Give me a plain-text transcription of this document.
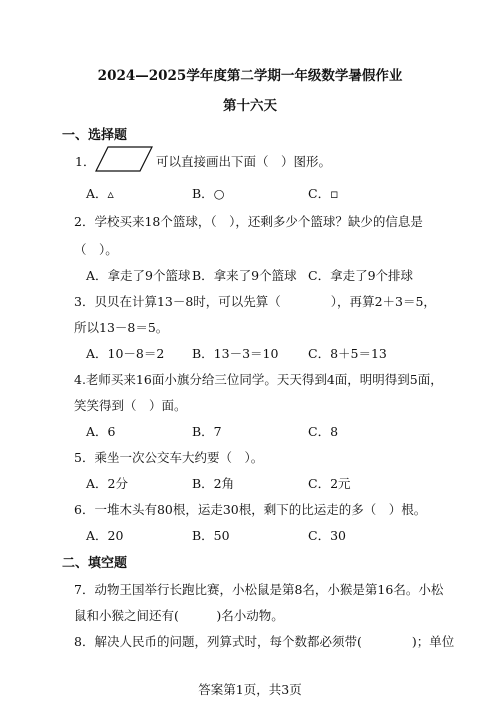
2024—2025学年度第二学期一年级数学暑假作业
第十六天
一、选择题
1．	可以直接画出下面（　）图形。
A．▵	B．○	C．▫
2．学校买来18个篮球，（　），还剩多少个篮球？缺少的信息是
（　）。
A．拿走了9个篮球 B．拿来了9个篮球 C．拿走了9个排球
3．贝贝在计算13－8时，可以先算（　　　　），再算2＋3＝5，
所以13－8＝5。
A．10－8＝2 B．13－3＝10 C．8＋5＝13
4.老师买来16面小旗分给三位同学。天天得到4面，明明得到5面，
笑笑得到（　）面。
A．6	B．7	C．8
5．乘坐一次公交车大约要（　）。
A．2分	B．2角	C．2元
6．一堆木头有80根，运走30根，剩下的比运走的多（　）根。
A．20	B．50	C．30
二、填空题
7．动物王国举行长跑比赛，小松鼠是第8名，小猴是第16名。小松
鼠和小猴之间还有(　　　)名小动物。
8．解决人民币的问题，列算式时，每个数都必须带(　　　　)；单位
答案第1页，共3页
